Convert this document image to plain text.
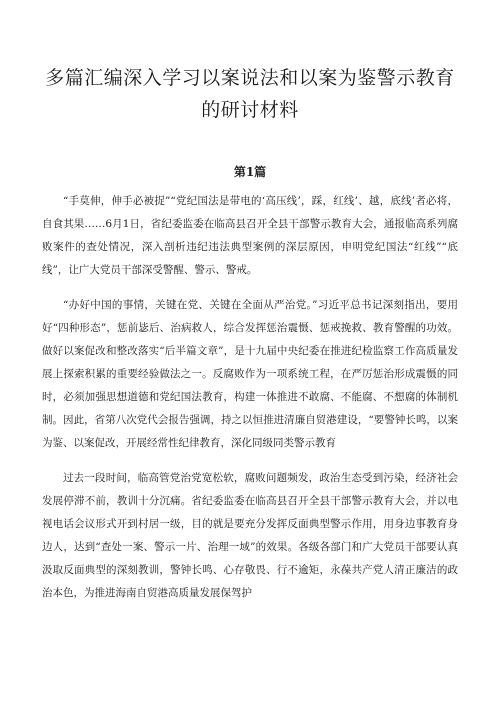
多篇汇编深入学习以案说法和以案为鉴警示教育的研讨材料
第1篇

“手莫伸，伸手必被捉”“党纪国法是带电的‘高压线’，踩，红线’、越，底线’者必将，自食其果……6月1日，省纪委监委在临高县召开全县干部警示教育大会，通报临高系列腐败案件的查处情况，深入剖析违纪违法典型案例的深层原因，申明党纪国法“红线”“底线”，让广大党员干部深受警醒、警示、警戒。

“办好中国的事情，关键在党、关键在全面从严治党。”习近平总书记深刻指出，要用好“四种形态”，惩前毖后、治病救人，综合发挥惩治震慑、惩戒挽救、教育警醒的功效。做好以案促改和整改落实“后半篇文章”，是十九届中央纪委在推进纪检监察工作高质量发展上探索积累的重要经验做法之一。反腐败作为一项系统工程，在严厉惩治形成震慑的同时，必须加强思想道德和党纪国法教育，构建一体推进不敢腐、不能腐、不想腐的体制机制。因此，省第八次党代会报告强调，持之以恒推进清廉自贸港建设，“要警钟长鸣，以案为鉴、以案促改，开展经常性纪律教育，深化同级同类警示教育

过去一段时间，临高管党治党宽松软，腐败问题频发，政治生态受到污染，经济社会发展停滞不前，教训十分沉痛。省纪委监委在临高县召开全县干部警示教育大会，并以电视电话会议形式开到村居一级，目的就是要充分发挥反面典型警示作用，用身边事教育身边人，达到“查处一案、警示一片、治理一域”的效果。各级各部门和广大党员干部要认真汲取反面典型的深刻教训，警钟长鸣、心存敬畏、行不逾矩，永葆共产党人清正廉洁的政治本色，为推进海南自贸港高质量发展保驾护
